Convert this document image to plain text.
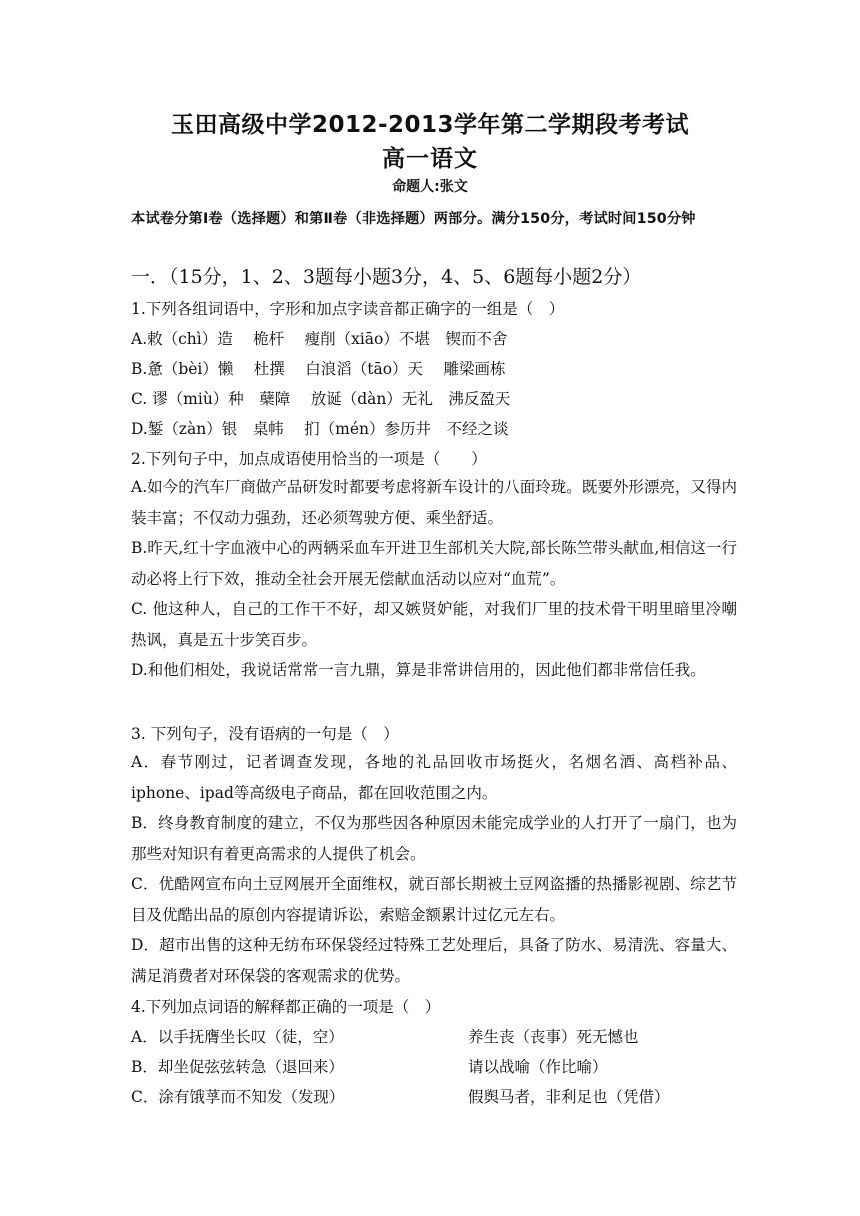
玉田高级中学2012-2013学年第二学期段考考试
高一语文
命题人:张文
本试卷分第Ⅰ卷（选择题）和第Ⅱ卷（非选择题）两部分。满分150分，考试时间150分钟
一．（15分，1、2、3题每小题3分，4、5、6题每小题2分）
1.下列各组词语中，字形和加点字读音都正确字的一组是（　）
A.敕（chì）造　 桅杆　 瘦削（xiāo）不堪　锲而不舍
B.惫（bèi）懒　 杜撰　 白浪滔（tāo）天　 雕梁画栋
C. 谬（miù）种　蘖障　 放诞（dàn）无礼　沸反盈天
D.錾（zàn）银　桌帏　 扪（mén）参历井　不经之谈
2.下列句子中，加点成语使用恰当的一项是（　　）
A.如今的汽车厂商做产品研发时都要考虑将新车设计的八面玲珑。既要外形漂亮，又得内装丰富；不仅动力强劲，还必须驾驶方便、乘坐舒适。
B.昨天,红十字血液中心的两辆采血车开进卫生部机关大院,部长陈竺带头献血,相信这一行动必将上行下效，推动全社会开展无偿献血活动以应对“血荒”。
C. 他这种人，自己的工作干不好，却又嫉贤妒能，对我们厂里的技术骨干明里暗里冷嘲热讽，真是五十步笑百步。
D.和他们相处，我说话常常一言九鼎，算是非常讲信用的，因此他们都非常信任我。
3. 下列句子，没有语病的一句是（　）
A．春节刚过，记者调查发现，各地的礼品回收市场挺火，名烟名酒、高档补品、iphone、ipad等高级电子商品，都在回收范围之内。
B．终身教育制度的建立，不仅为那些因各种原因未能完成学业的人打开了一扇门，也为那些对知识有着更高需求的人提供了机会。
C．优酷网宣布向土豆网展开全面维权，就百部长期被土豆网盗播的热播影视剧、综艺节目及优酷出品的原创内容提请诉讼，索赔金额累计过亿元左右。
D．超市出售的这种无纺布环保袋经过特殊工艺处理后，具备了防水、易清洗、容量大、满足消费者对环保袋的客观需求的优势。
4.下列加点词语的解释都正确的一项是（　）
A．以手抚膺坐长叹（徒，空）	养生丧（丧事）死无憾也
B．却坐促弦弦转急（退回来）	请以战喻（作比喻）
C．涂有饿莩而不知发（发现）	假舆马者，非利足也（凭借）
